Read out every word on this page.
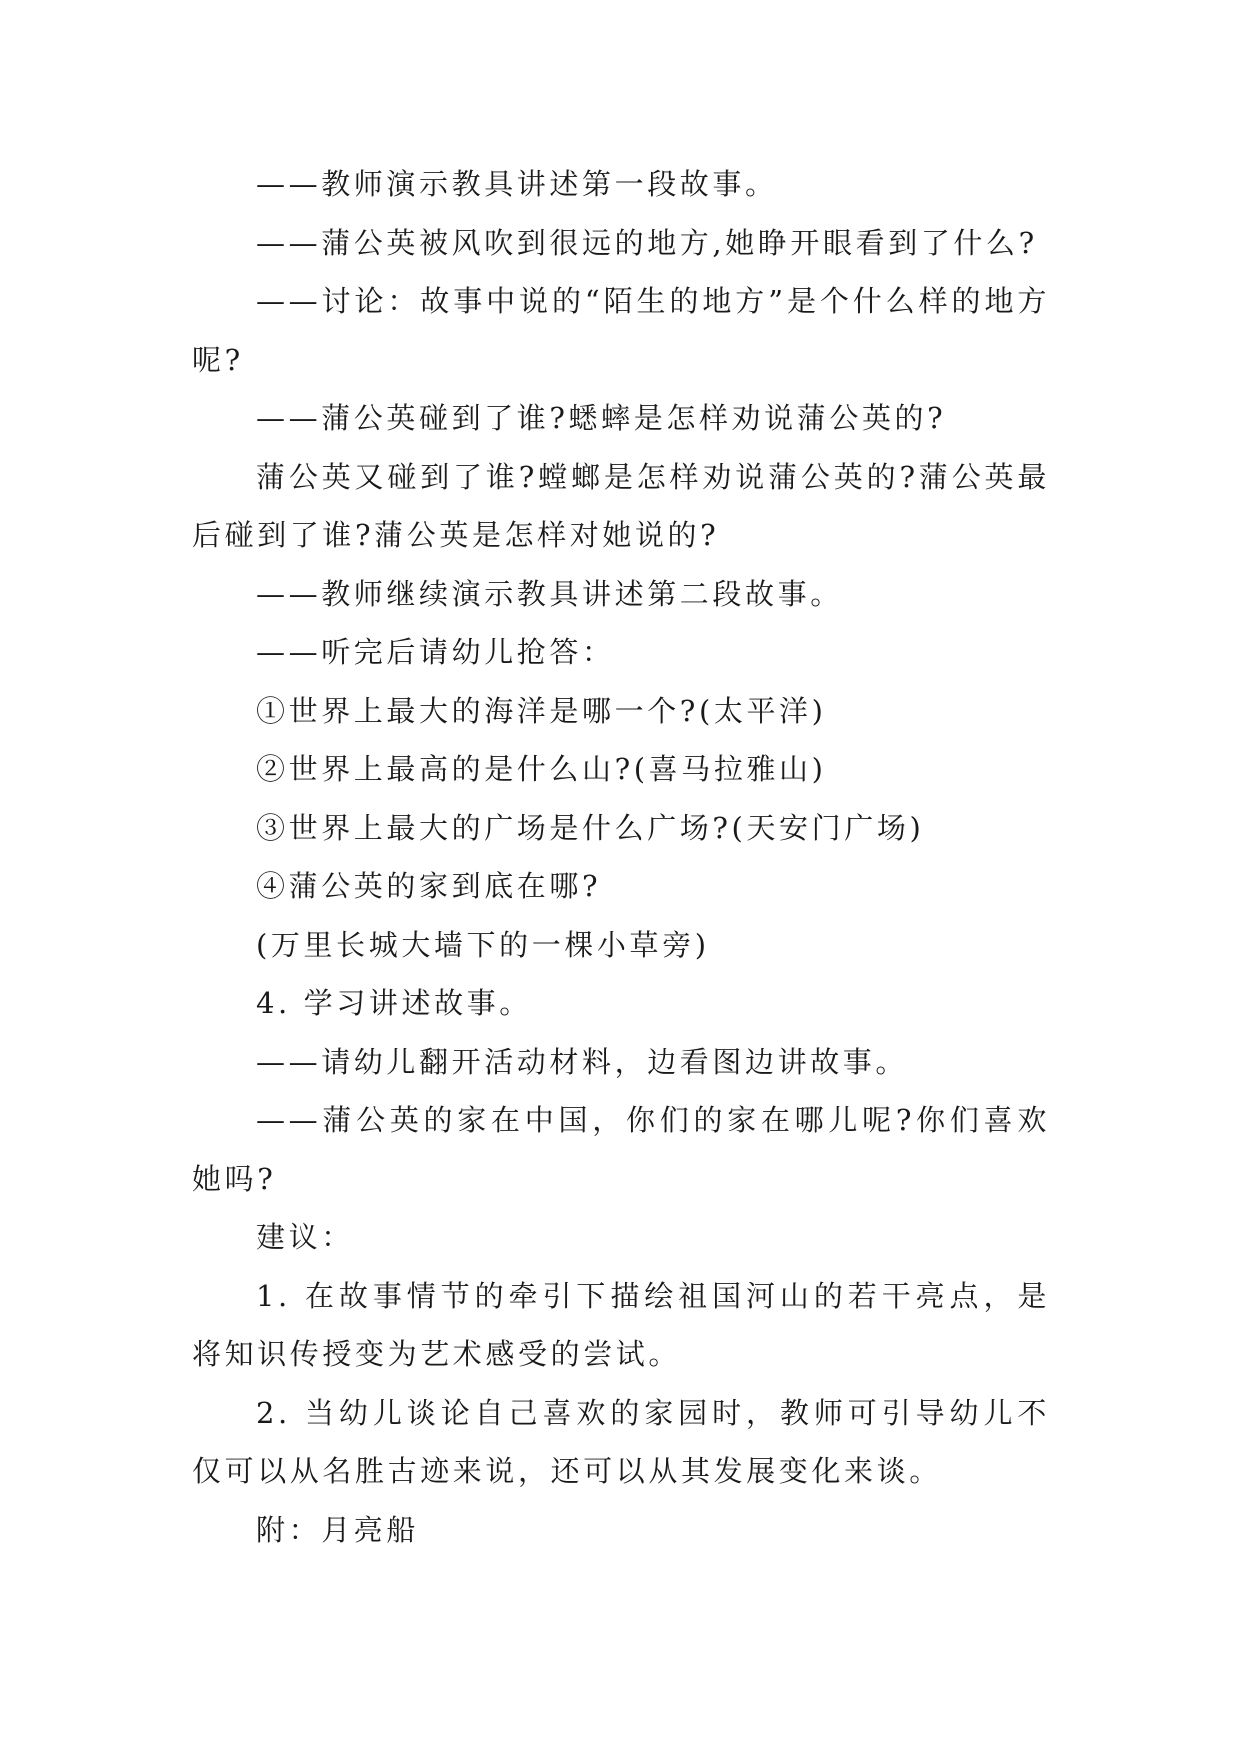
——教师演示教具讲述第一段故事。

——蒲公英被风吹到很远的地方,她睁开眼看到了什么?

——讨论：故事中说的“陌生的地方”是个什么样的地方呢?

——蒲公英碰到了谁?蟋蟀是怎样劝说蒲公英的?

蒲公英又碰到了谁?螳螂是怎样劝说蒲公英的?蒲公英最后碰到了谁?蒲公英是怎样对她说的?

——教师继续演示教具讲述第二段故事。

——听完后请幼儿抢答：

①世界上最大的海洋是哪一个?(太平洋)

②世界上最高的是什么山?(喜马拉雅山)

③世界上最大的广场是什么广场?(天安门广场)

④蒲公英的家到底在哪?

(万里长城大墙下的一棵小草旁)

4. 学习讲述故事。

——请幼儿翻开活动材料，边看图边讲故事。

——蒲公英的家在中国，你们的家在哪儿呢?你们喜欢她吗?

建议：

1. 在故事情节的牵引下描绘祖国河山的若干亮点，是将知识传授变为艺术感受的尝试。

2. 当幼儿谈论自己喜欢的家园时，教师可引导幼儿不仅可以从名胜古迹来说，还可以从其发展变化来谈。

附：月亮船
